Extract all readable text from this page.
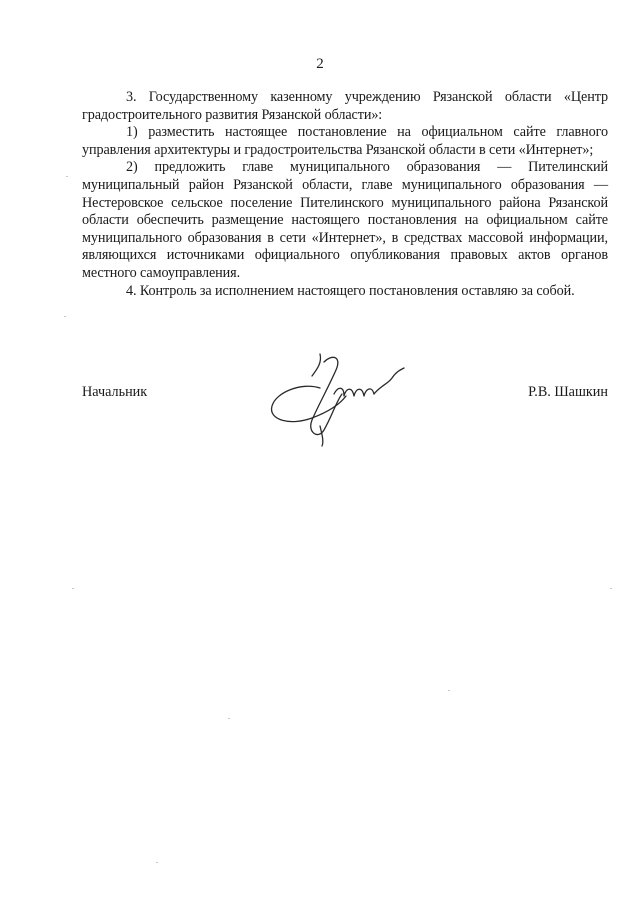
2

3. Государственному казенному учреждению Рязанской области «Центр градостроительного развития Рязанской области»:

1) разместить настоящее постановление на официальном сайте главного управления архитектуры и градостроительства Рязанской области в сети «Интернет»;

2) предложить главе муниципального образования — Пителинский муниципальный район Рязанской области, главе муниципального образования — Нестеровское сельское поселение Пителинского муниципального района Рязанской области обеспечить размещение настоящего постановления на официальном сайте муниципального образования в сети «Интернет», в средствах массовой информации, являющихся источниками официального опубликования правовых актов органов местного самоуправления.

4. Контроль за исполнением настоящего постановления оставляю за собой.

Начальник	Р.В. Шашкин
